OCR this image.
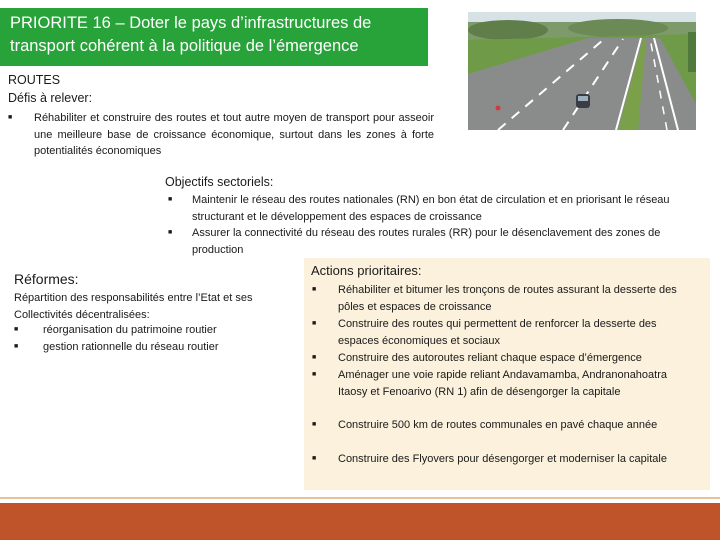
PRIORITE 16 – Doter le pays d’infrastructures de
transport cohérent à la politique de l’émergence
ROUTES
Défis à relever:
■	Réhabiliter et construire des routes et tout autre moyen de transport pour asseoir une meilleure base de croissance économique, surtout dans les zones à forte potentialités économiques
Objectifs sectoriels:
■	Maintenir le réseau des routes nationales (RN) en bon état de circulation et en priorisant le réseau structurant et le développement des espaces de croissance
■	Assurer la connectivité du réseau des routes rurales (RR) pour le désenclavement des zones de production
Réformes:
Répartition des responsabilités entre l’Etat et ses Collectivités décentralisées:
■	réorganisation du patrimoine routier
■	gestion rationnelle du réseau routier
Actions prioritaires:
■	Réhabiliter et bitumer les tronçons de routes assurant la desserte des pôles et espaces de croissance
■	Construire des routes qui permettent de renforcer la desserte des espaces économiques et sociaux
■	Construire des autoroutes reliant chaque espace d’émergence
■	Aménager une voie rapide reliant Andavamamba, Andranonahoatra Itaosy et Fenoarivo (RN 1) afin de désengorger la capitale
■	Construire 500 km de routes communales en pavé chaque année
■	Construire des Flyovers pour désengorger et moderniser la capitale
